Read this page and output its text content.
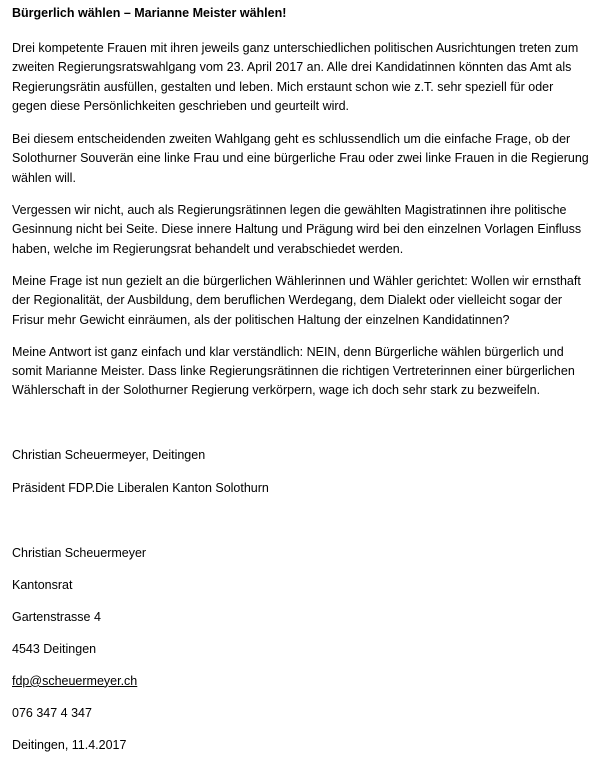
Bürgerlich wählen – Marianne Meister wählen!

Drei kompetente Frauen mit ihren jeweils ganz unterschiedlichen politischen Ausrichtungen treten zum zweiten Regierungsratswahlgang vom 23. April 2017 an. Alle drei Kandidatinnen könnten das Amt als Regierungsrätin ausfüllen, gestalten und leben. Mich erstaunt schon wie z.T. sehr speziell für oder gegen diese Persönlichkeiten geschrieben und geurteilt wird.

Bei diesem entscheidenden zweiten Wahlgang geht es schlussendlich um die einfache Frage, ob der Solothurner Souverän eine linke Frau und eine bürgerliche Frau oder zwei linke Frauen in die Regierung wählen will.

Vergessen wir nicht, auch als Regierungsrätinnen legen die gewählten Magistratinnen ihre politische Gesinnung nicht bei Seite. Diese innere Haltung und Prägung wird bei den einzelnen Vorlagen Einfluss haben, welche im Regierungsrat behandelt und verabschiedet werden.

Meine Frage ist nun gezielt an die bürgerlichen Wählerinnen und Wähler gerichtet: Wollen wir ernsthaft der Regionalität, der Ausbildung, dem beruflichen Werdegang, dem Dialekt oder vielleicht sogar der Frisur mehr Gewicht einräumen, als der politischen Haltung der einzelnen Kandidatinnen?

Meine Antwort ist ganz einfach und klar verständlich: NEIN, denn Bürgerliche wählen bürgerlich und somit Marianne Meister. Dass linke Regierungsrätinnen die richtigen Vertreterinnen einer bürgerlichen Wählerschaft in der Solothurner Regierung verkörpern, wage ich doch sehr stark zu bezweifeln.

Christian Scheuermeyer, Deitingen

Präsident FDP.Die Liberalen Kanton Solothurn

Christian Scheuermeyer

Kantonsrat

Gartenstrasse 4

4543 Deitingen

fdp@scheuermeyer.ch

076 347 4 347

Deitingen, 11.4.2017
